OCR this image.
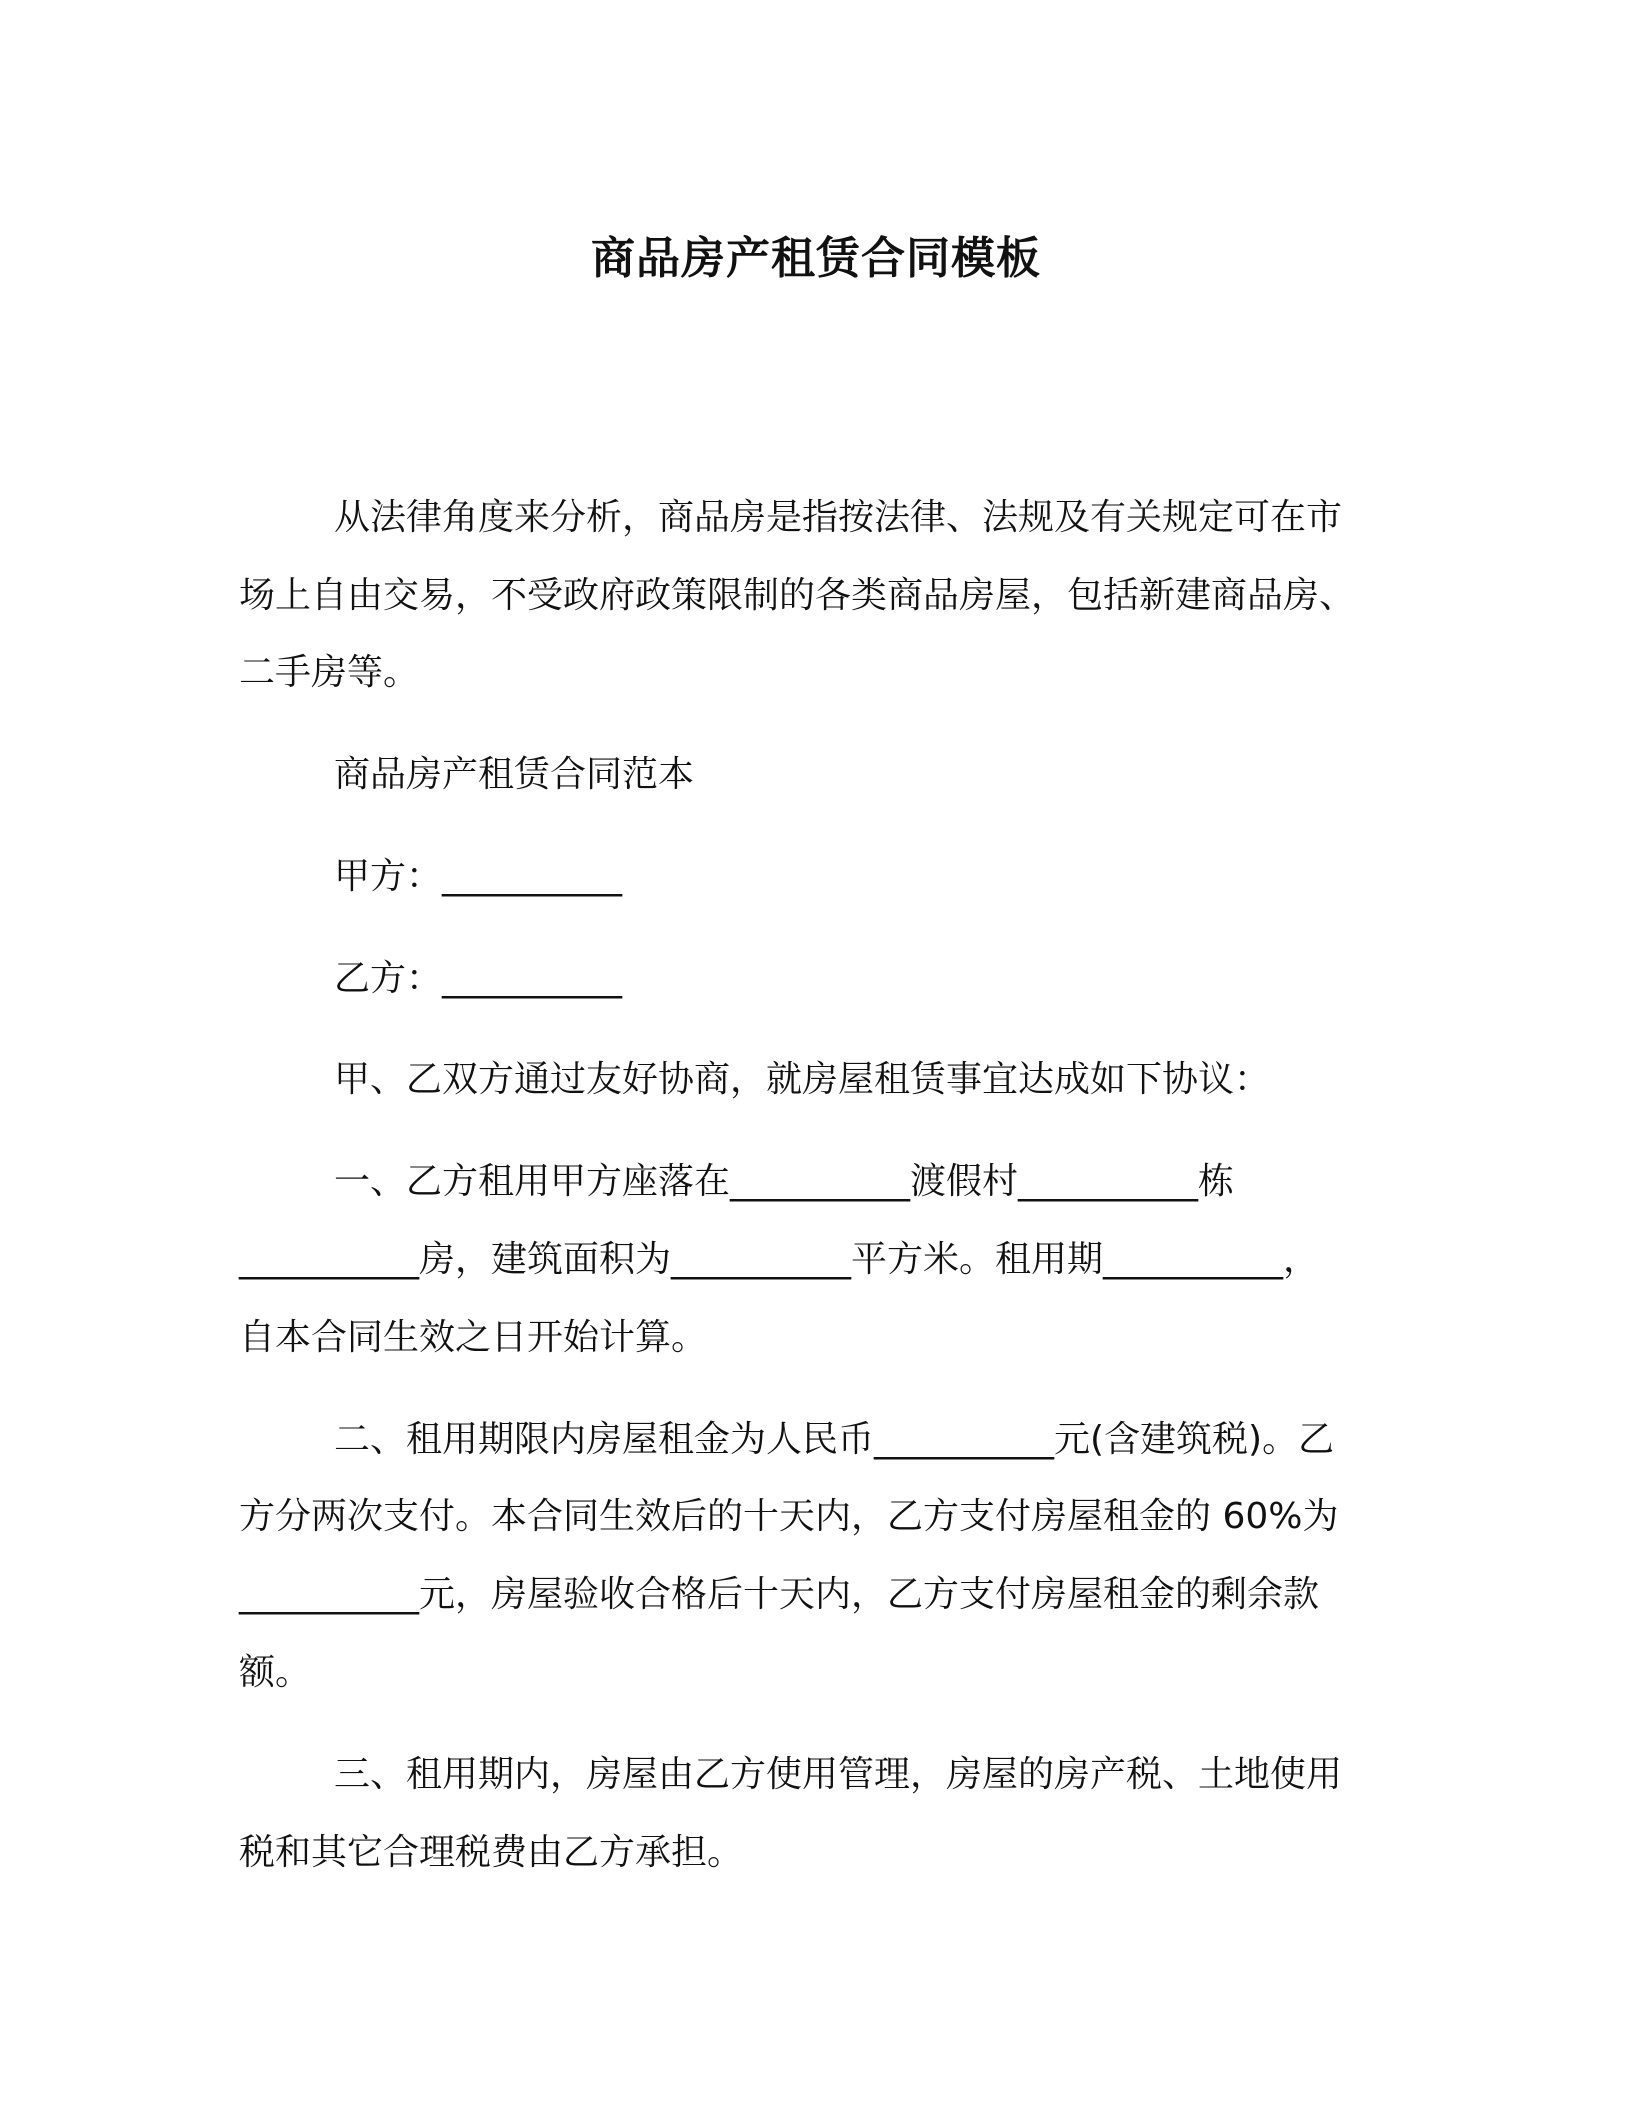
商品房产租赁合同模板
从法律角度来分析，商品房是指按法律、法规及有关规定可在市
场上自由交易，不受政府政策限制的各类商品房屋，包括新建商品房、
二手房等。
商品房产租赁合同范本
甲方：__________
乙方：__________
甲、乙双方通过友好协商，就房屋租赁事宜达成如下协议：
一、乙方租用甲方座落在__________渡假村__________栋
__________房，建筑面积为__________平方米。租用期__________，
自本合同生效之日开始计算。
二、租用期限内房屋租金为人民币__________元(含建筑税)。乙
方分两次支付。本合同生效后的十天内，乙方支付房屋租金的 60%为
__________元，房屋验收合格后十天内，乙方支付房屋租金的剩余款
额。
三、租用期内，房屋由乙方使用管理，房屋的房产税、土地使用
税和其它合理税费由乙方承担。
